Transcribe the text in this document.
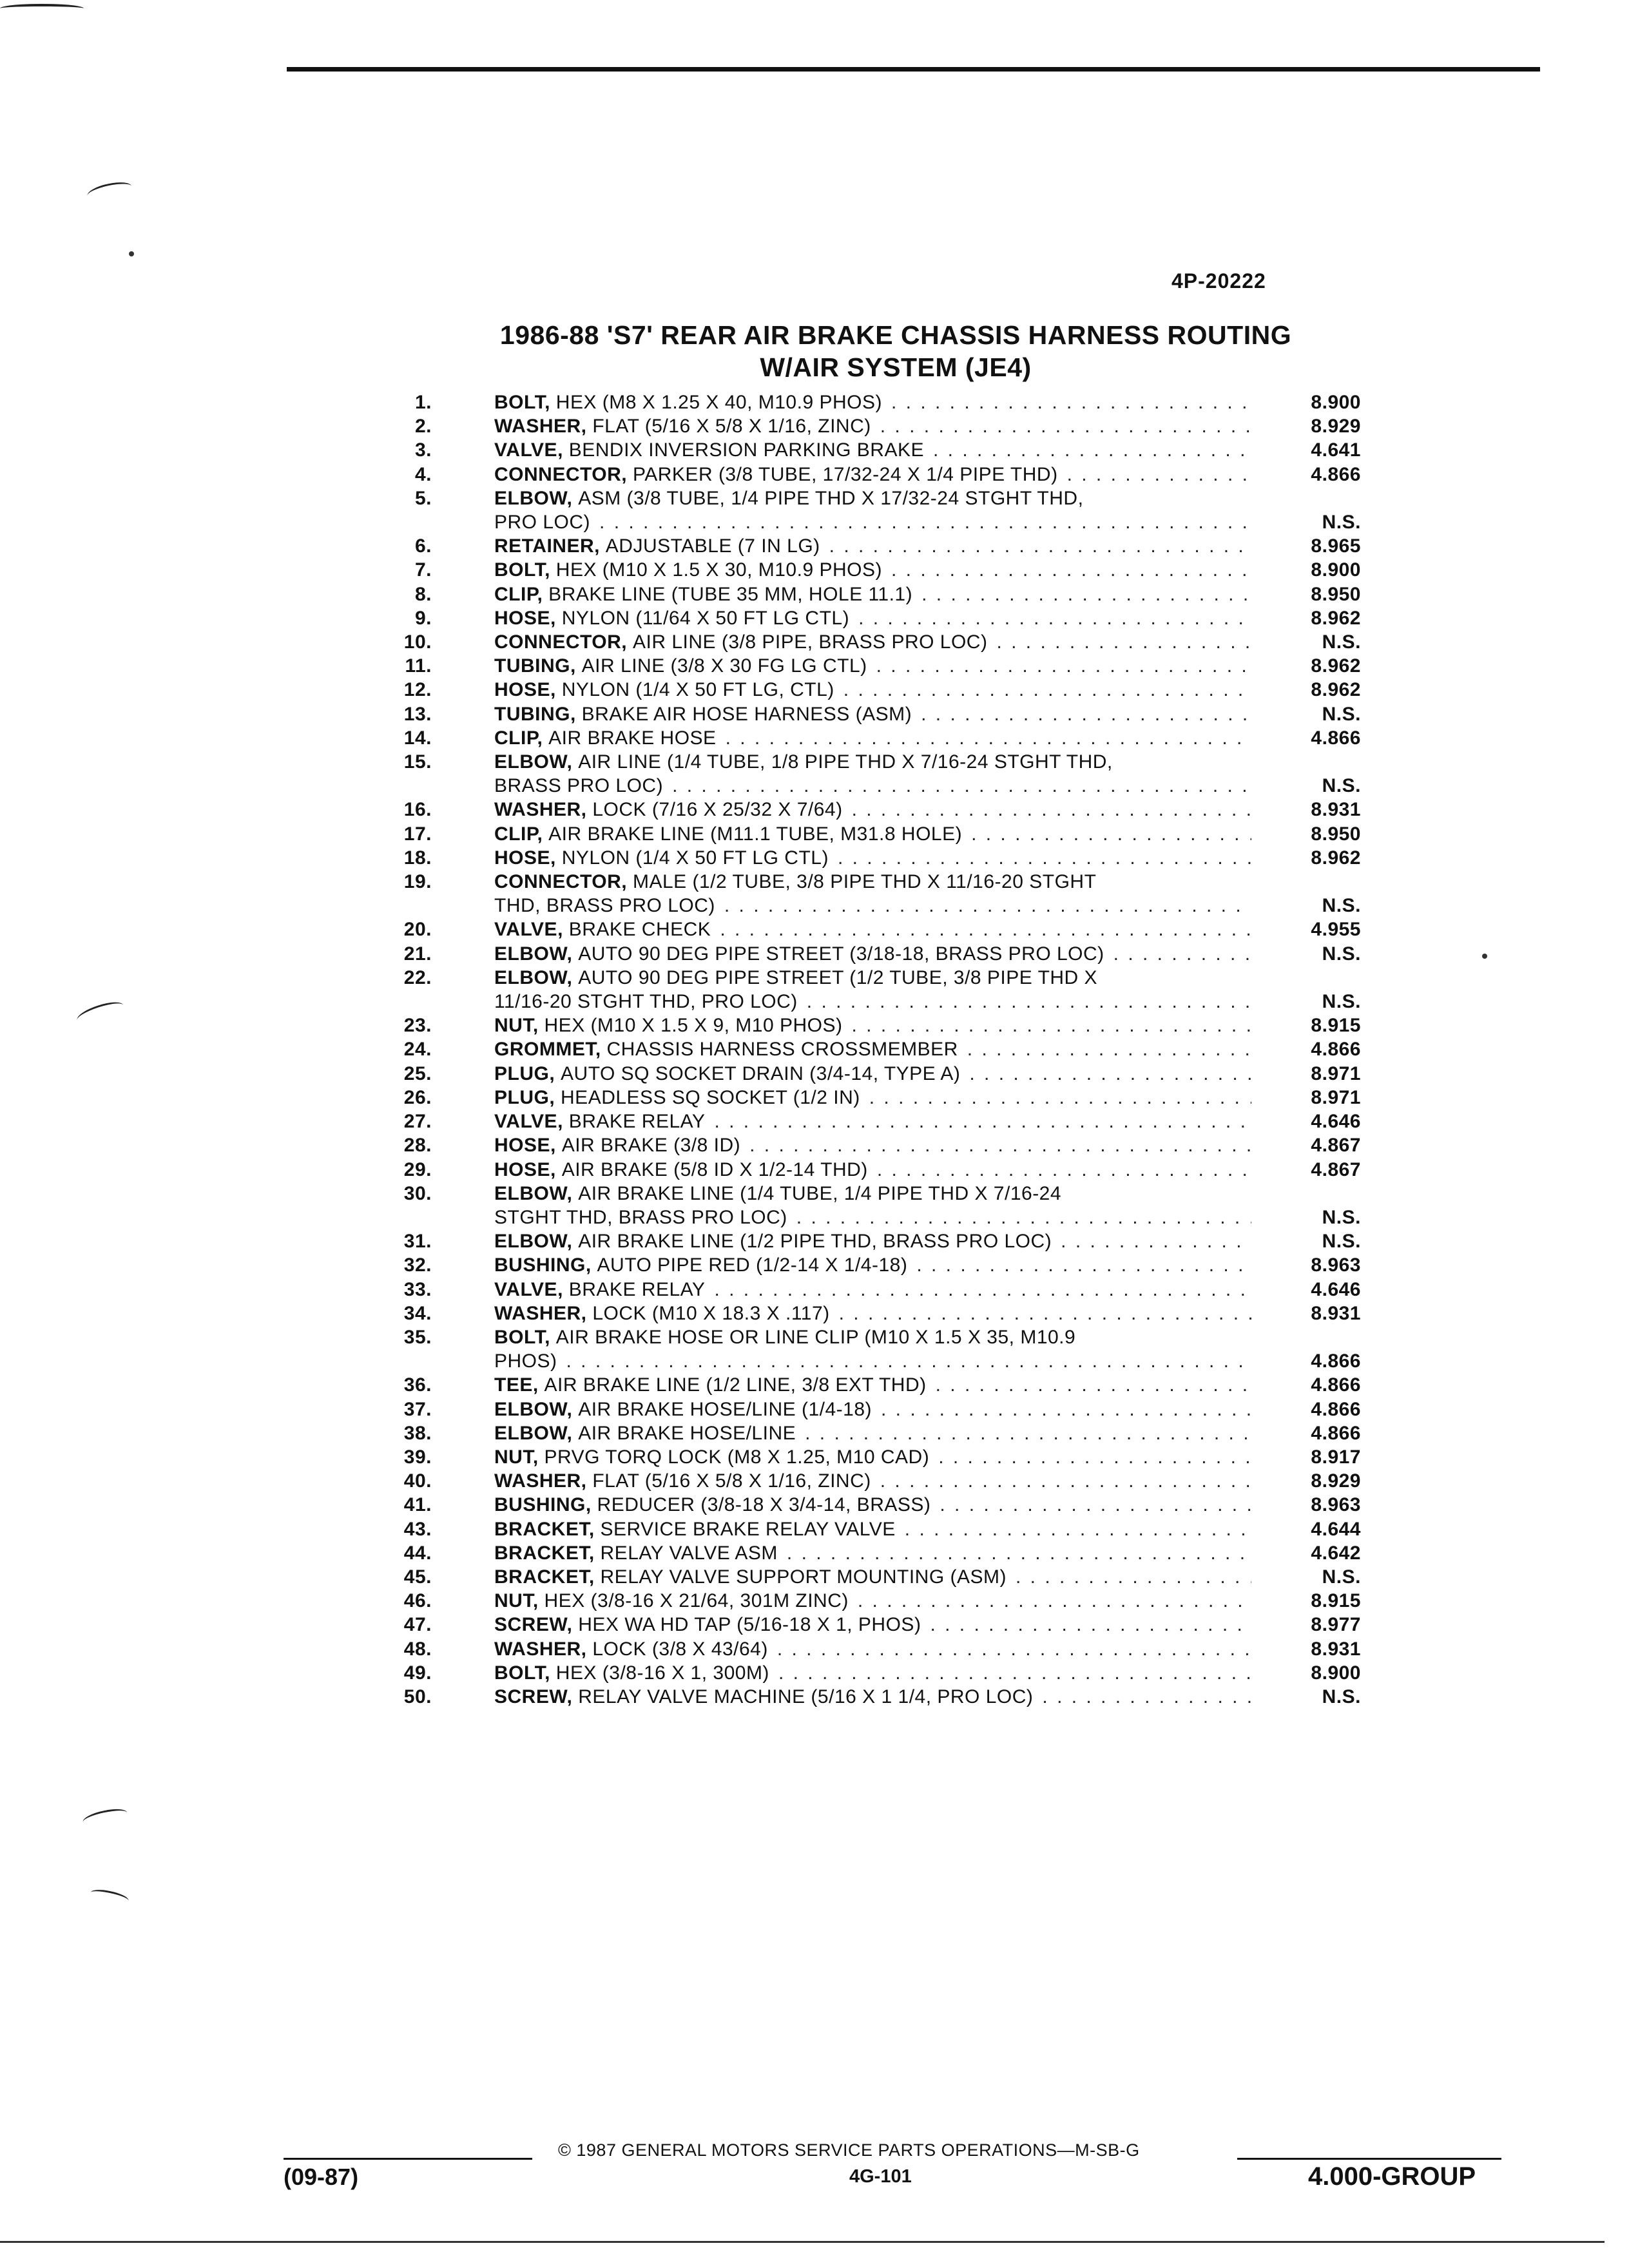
4P-20222
1986-88 'S7' REAR AIR BRAKE CHASSIS HARNESS ROUTING
W/AIR SYSTEM (JE4)
1.	BOLT,
HEX (M8 X 1.25 X 40, M10.9 PHOS) . . .	8.900
2.	WASHER,
FLAT (5/16 X 5/8 X 1/16, ZINC) . . .	8.929
3.	VALVE,
BENDIX INVERSION PARKING BRAKE . . .	4.641
4.	CONNECTOR,
PARKER (3/8 TUBE, 17/32-24 X 1/4 PIPE THD) . . .	4.866
5.	ELBOW,
ASM (3/8 TUBE, 1/4 PIPE THD X 17/32-24 STGHT THD,
PRO LOC) . . .	N.S.
6.	RETAINER,
ADJUSTABLE (7 IN LG) . . .	8.965
7.	BOLT,
HEX (M10 X 1.5 X 30, M10.9 PHOS) . . .	8.900
8.	CLIP,
BRAKE LINE (TUBE 35 MM, HOLE 11.1) . . .	8.950
9.	HOSE,
NYLON (11/64 X 50 FT LG CTL) . . .	8.962
10.	CONNECTOR,
AIR LINE (3/8 PIPE, BRASS PRO LOC) . . .	N.S.
11.	TUBING,
AIR LINE (3/8 X 30 FG LG CTL) . . .	8.962
12.	HOSE,
NYLON (1/4 X 50 FT LG, CTL) . . .	8.962
13.	TUBING,
BRAKE AIR HOSE HARNESS (ASM) . . .	N.S.
14.	CLIP,
AIR BRAKE HOSE . . .	4.866
15.	ELBOW,
AIR LINE (1/4 TUBE, 1/8 PIPE THD X 7/16-24 STGHT THD,
BRASS PRO LOC) . . .	N.S.
16.	WASHER,
LOCK (7/16 X 25/32 X 7/64) . . .	8.931
17.	CLIP,
AIR BRAKE LINE (M11.1 TUBE, M31.8 HOLE) . . .	8.950
18.	HOSE,
NYLON (1/4 X 50 FT LG CTL) . . .	8.962
19.	CONNECTOR,
MALE (1/2 TUBE, 3/8 PIPE THD X 11/16-20 STGHT
THD, BRASS PRO LOC) . . .	N.S.
20.	VALVE,
BRAKE CHECK . . .	4.955
21.	ELBOW,
AUTO 90 DEG PIPE STREET (3/18-18, BRASS PRO LOC) . . .	N.S.
22.	ELBOW,
AUTO 90 DEG PIPE STREET (1/2 TUBE, 3/8 PIPE THD X
11/16-20 STGHT THD, PRO LOC) . . .	N.S.
23.	NUT,
HEX (M10 X 1.5 X 9, M10 PHOS) . . .	8.915
24.	GROMMET,
CHASSIS HARNESS CROSSMEMBER . . .	4.866
25.	PLUG,
AUTO SQ SOCKET DRAIN (3/4-14, TYPE A) . . .	8.971
26.	PLUG,
HEADLESS SQ SOCKET (1/2 IN) . . .	8.971
27.	VALVE,
BRAKE RELAY . . .	4.646
28.	HOSE,
AIR BRAKE (3/8 ID) . . .	4.867
29.	HOSE,
AIR BRAKE (5/8 ID X 1/2-14 THD) . . .	4.867
30.	ELBOW,
AIR BRAKE LINE (1/4 TUBE, 1/4 PIPE THD X 7/16-24
STGHT THD, BRASS PRO LOC) . . .	N.S.
31.	ELBOW,
AIR BRAKE LINE (1/2 PIPE THD, BRASS PRO LOC) . . .	N.S.
32.	BUSHING,
AUTO PIPE RED (1/2-14 X 1/4-18) . . .	8.963
33.	VALVE,
BRAKE RELAY . . .	4.646
34.	WASHER,
LOCK (M10 X 18.3 X .117) . . .	8.931
35.	BOLT,
AIR BRAKE HOSE OR LINE CLIP (M10 X 1.5 X 35, M10.9
PHOS) . . .	4.866
36.	TEE,
AIR BRAKE LINE (1/2 LINE, 3/8 EXT THD) . . .	4.866
37.	ELBOW,
AIR BRAKE HOSE/LINE (1/4-18) . . .	4.866
38.	ELBOW,
AIR BRAKE HOSE/LINE . . .	4.866
39.	NUT,
PRVG TORQ LOCK (M8 X 1.25, M10 CAD) . . .	8.917
40.	WASHER,
FLAT (5/16 X 5/8 X 1/16, ZINC) . . .	8.929
41.	BUSHING,
REDUCER (3/8-18 X 3/4-14, BRASS) . . .	8.963
43.	BRACKET,
SERVICE BRAKE RELAY VALVE . . .	4.644
44.	BRACKET,
RELAY VALVE ASM . . .	4.642
45.	BRACKET,
RELAY VALVE SUPPORT MOUNTING (ASM) . . .	N.S.
46.	NUT,
HEX (3/8-16 X 21/64, 301M ZINC) . . .	8.915
47.	SCREW,
HEX WA HD TAP (5/16-18 X 1, PHOS) . . .	8.977
48.	WASHER,
LOCK (3/8 X 43/64) . . .	8.931
49.	BOLT,
HEX (3/8-16 X 1, 300M) . . .	8.900
50.	SCREW,
RELAY VALVE MACHINE (5/16 X 1 1/4, PRO LOC) . . .	N.S.
© 1987 GENERAL MOTORS SERVICE PARTS OPERATIONS—M-SB-G
(09-87)	4G-101	4.000-GROUP
